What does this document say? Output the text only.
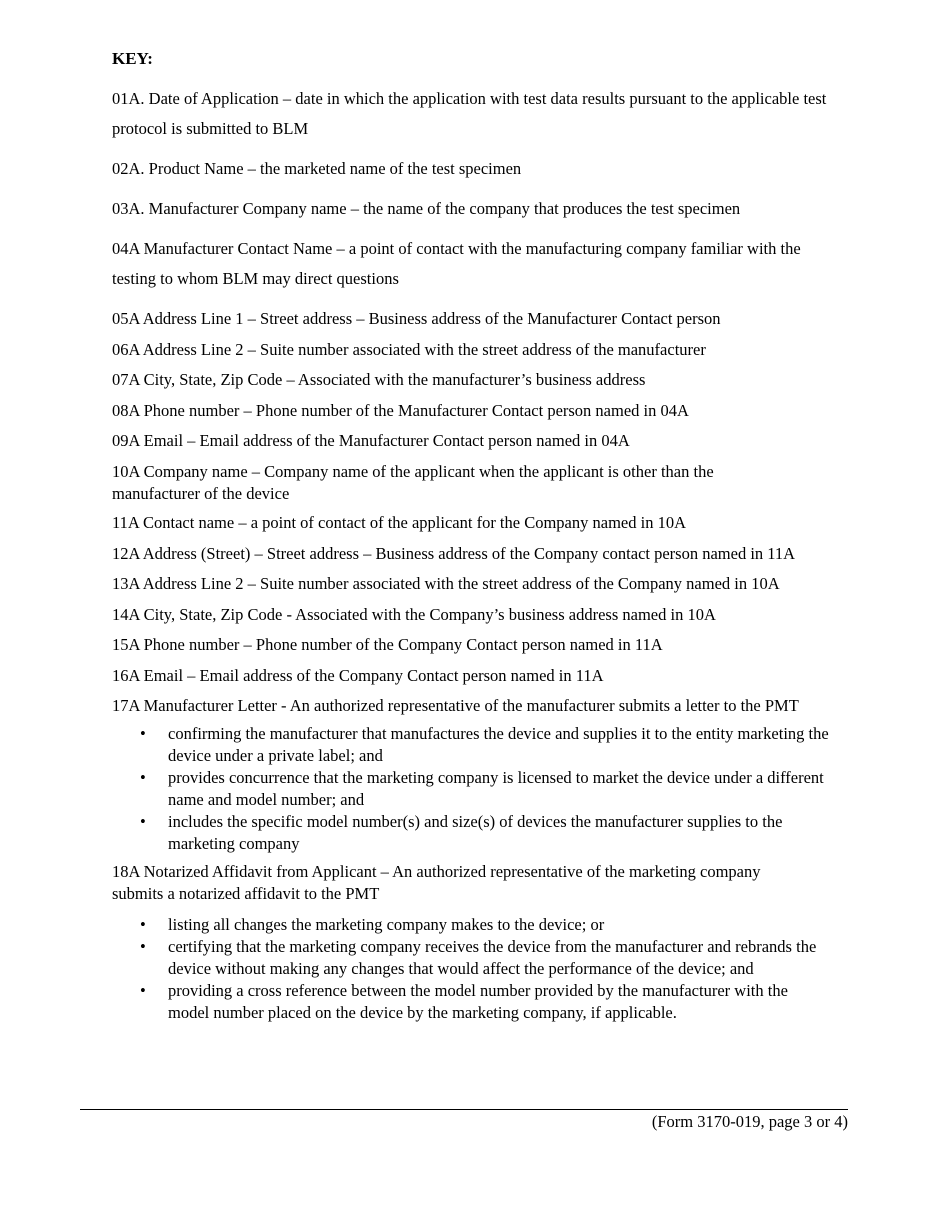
KEY:

01A. Date of Application – date in which the application with test data results pursuant to the applicable test protocol is submitted to BLM

02A. Product Name – the marketed name of the test specimen

03A. Manufacturer Company name – the name of the company that produces the test specimen

04A Manufacturer Contact Name – a point of contact with the manufacturing company familiar with the testing to whom BLM may direct questions

05A Address Line 1 – Street address – Business address of the Manufacturer Contact person

06A Address Line 2 – Suite number associated with the street address of the manufacturer

07A City, State, Zip Code – Associated with the manufacturer’s business address

08A Phone number – Phone number of the Manufacturer Contact person named in 04A

09A Email – Email address of the Manufacturer Contact person named in 04A

10A Company name – Company name of the applicant when the applicant is other than the manufacturer of the device

11A Contact name – a point of contact of the applicant for the Company named in 10A

12A Address (Street) – Street address – Business address of the Company contact person named in 11A

13A Address Line 2 – Suite number associated with the street address of the Company named in 10A

14A City, State, Zip Code - Associated with the Company’s business address named in 10A

15A Phone number – Phone number of the Company Contact person named in 11A

16A Email – Email address of the Company Contact person named in 11A

17A Manufacturer Letter - An authorized representative of the manufacturer submits a letter to the PMT

• confirming the manufacturer that manufactures the device and supplies it to the entity marketing the device under a private label; and
• provides concurrence that the marketing company is licensed to market the device under a different name and model number; and
• includes the specific model number(s) and size(s) of devices the manufacturer supplies to the marketing company

18A Notarized Affidavit from Applicant – An authorized representative of the marketing company submits a notarized affidavit to the PMT

• listing all changes the marketing company makes to the device; or
• certifying that the marketing company receives the device from the manufacturer and rebrands the device without making any changes that would affect the performance of the device; and
• providing a cross reference between the model number provided by the manufacturer with the model number placed on the device by the marketing company, if applicable.
(Form 3170-019, page 3 or 4)
